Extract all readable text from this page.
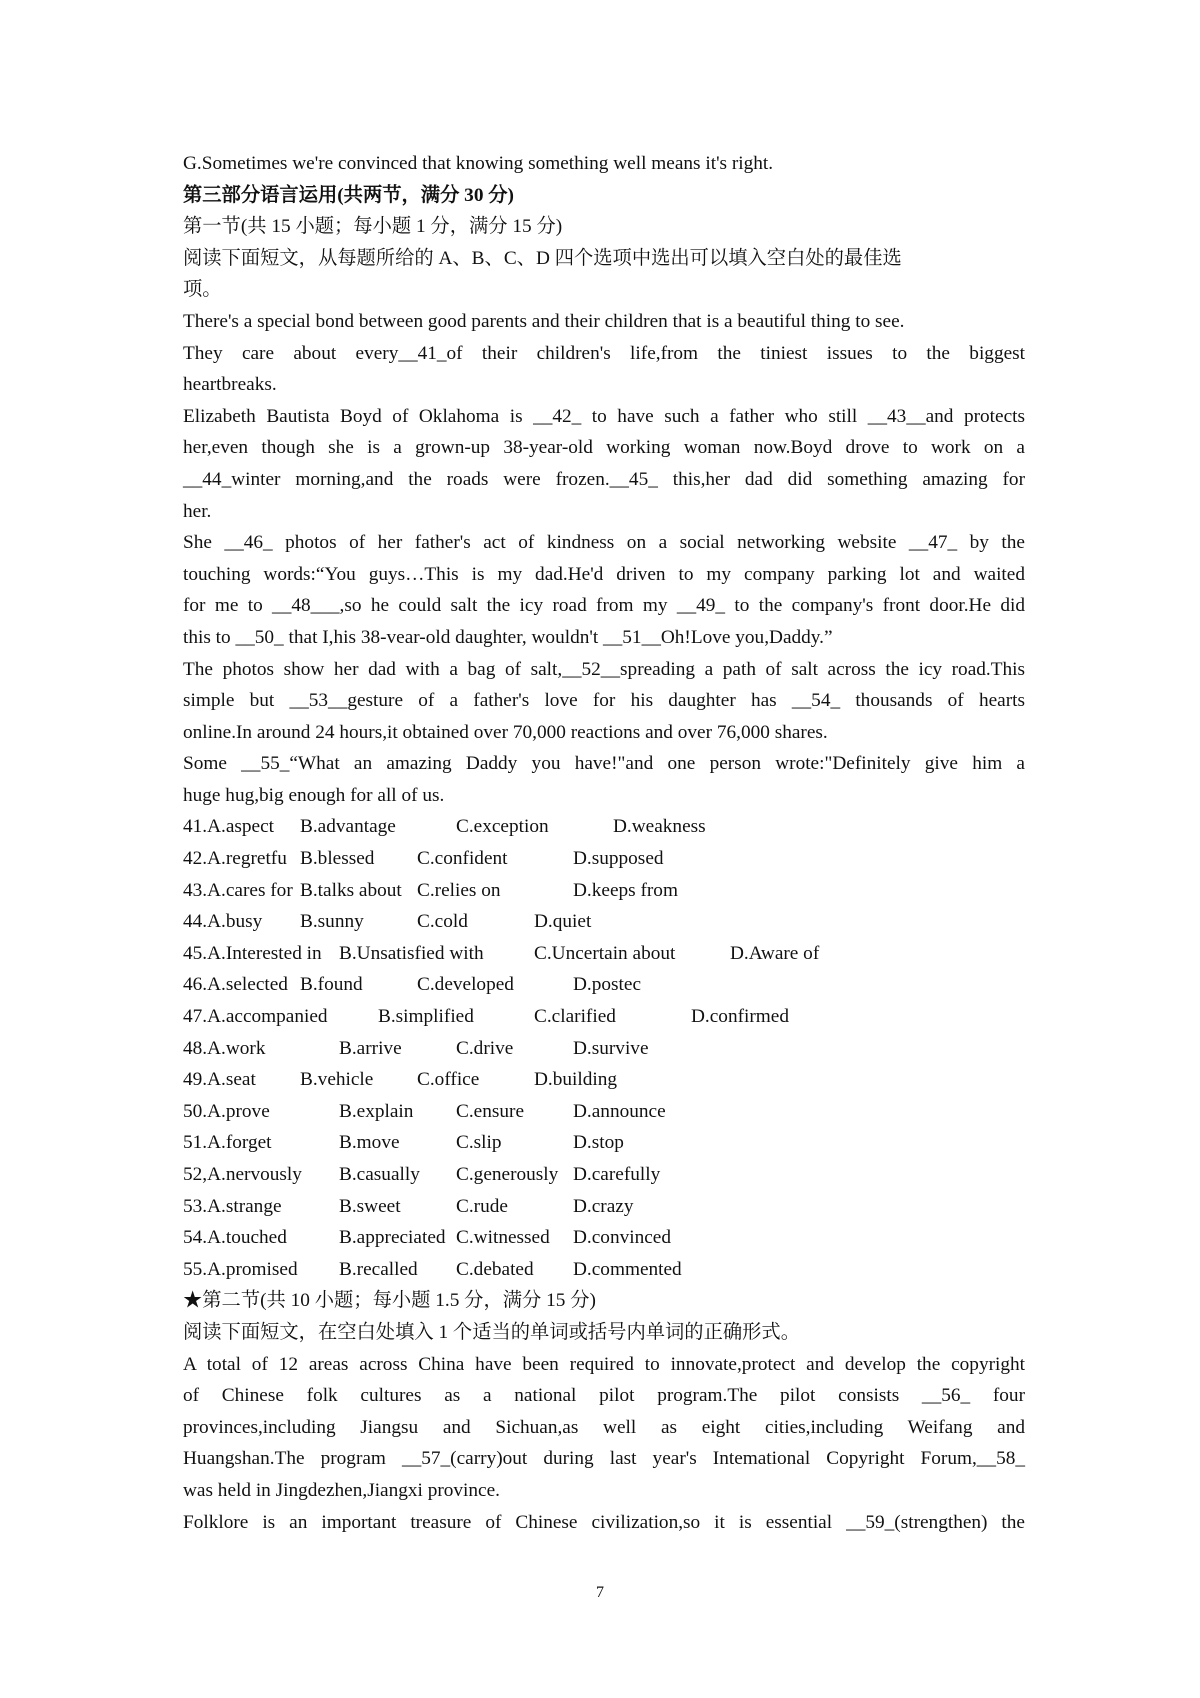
G.Sometimes we're convinced that knowing something well means it's right.
第三部分语言运用(共两节，满分 30 分)
第一节(共 15 小题；每小题 1 分，满分 15 分)
阅读下面短文，从每题所给的 A、B、C、D 四个选项中选出可以填入空白处的最佳选
项。
There's a special bond between good parents and their children that is a beautiful thing to see.
They care about every__41_of their children's life,from the tiniest issues to the biggest
heartbreaks.
Elizabeth Bautista Boyd of Oklahoma is __42_ to have such a father who still __43__and protects
her,even though she is a grown-up 38-year-old working woman now.Boyd drove to work on a
__44_winter morning,and the roads were frozen.__45_ this,her dad did something amazing for
her.
She __46_ photos of her father's act of kindness on a social networking website __47_ by the
touching words:“You guys…This is my dad.He'd driven to my company parking lot and waited
for me to __48___,so he could salt the icy road from my __49_ to the company's front door.He did
this to __50_ that I,his 38-vear-old daughter, wouldn't __51__Oh!Love you,Daddy.”
The photos show her dad with a bag of salt,__52__spreading a path of salt across the icy road.This
simple but __53__gesture of a father's love for his daughter has __54_ thousands of hearts
online.In around 24 hours,it obtained over 70,000 reactions and over 76,000 shares.
Some __55_“What an amazing Daddy you have!"and one person wrote:"Definitely give him a
huge hug,big enough for all of us.
41.A.aspect B.advantage	C.exception	D.weakness
42.A.regretfu B.blessed C.confident	D.supposed
43.A.cares for B.talks about C.relies on	D.keeps from
44.A.busy B.sunny	C.cold	D.quiet
45.A.Interested in B.Unsatisfied with	C.Uncertain about	D.Aware of
46.A.selected B.found	C.developed	D.postec
47.A.accompanied	B.simplified	C.clarified	D.confirmed
48.A.work	B.arrive	C.drive	D.survive
49.A.seat B.vehicle C.office	D.building
50.A.prove	B.explain C.ensure	D.announce
51.A.forget	B.move	C.slip	D.stop
52,A.nervously B.casually C.generously D.carefully
53.A.strange	B.sweet	C.rude	D.crazy
54.A.touched	B.appreciated C.witnessed D.convinced
55.A.promised B.recalled C.debated D.commented
★第二节(共 10 小题；每小题 1.5 分，满分 15 分)
阅读下面短文，在空白处填入 1 个适当的单词或括号内单词的正确形式。
A total of 12 areas across China have been required to innovate,protect and develop the copyright
of Chinese folk cultures as a national pilot program.The pilot consists __56_ four
provinces,including Jiangsu and Sichuan,as well as eight cities,including Weifang and
Huangshan.The program __57_(carry)out during last year's Intemational Copyright Forum,__58_
was held in Jingdezhen,Jiangxi province.
Folklore is an important treasure of Chinese civilization,so it is essential __59_(strengthen) the
7
